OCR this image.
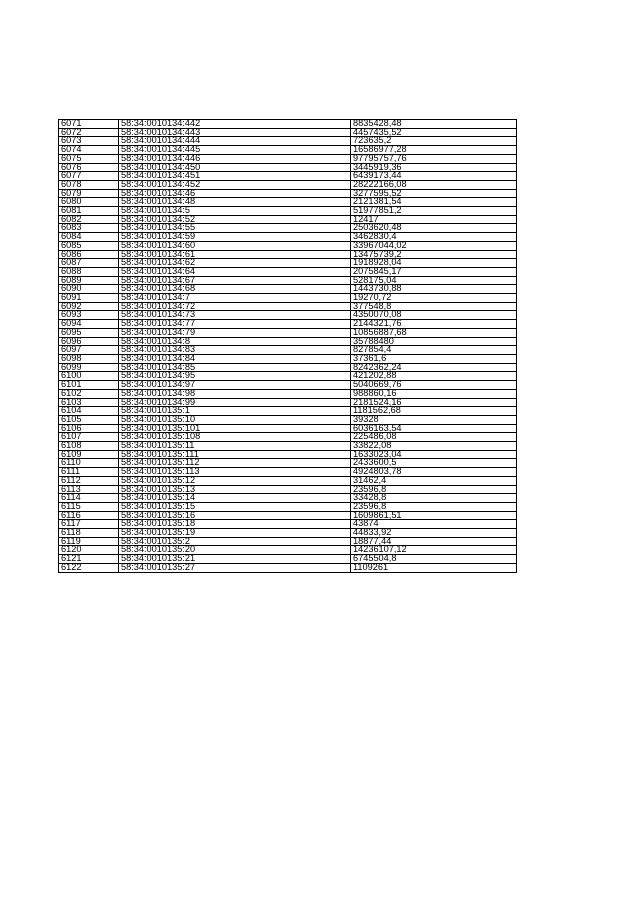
6071	58:34:0010134:442	8835428,48
6072	58:34:0010134:443	4457435,52
6073	58:34:0010134:444	723635,2
6074	58:34:0010134:445	16586977,28
6075	58:34:0010134:446	97795757,76
6076	58:34:0010134:450	3445919,36
6077	58:34:0010134:451	6439173,44
6078	58:34:0010134:452	28222166,08
6079	58:34:0010134:46	3277595,52
6080	58:34:0010134:48	2121381,54
6081	58:34:0010134:5	51977851,2
6082	58:34:0010134:52	12417
6083	58:34:0010134:55	2503620,48
6084	58:34:0010134:59	3462830,4
6085	58:34:0010134:60	33967044,02
6086	58:34:0010134:61	13475739,2
6087	58:34:0010134:62	1918928,04
6088	58:34:0010134:64	2075845,17
6089	58:34:0010134:67	528175,04
6090	58:34:0010134:68	1443730,88
6091	58:34:0010134:7	19270,72
6092	58:34:0010134:72	377548,8
6093	58:34:0010134:73	4350070,08
6094	58:34:0010134:77	2144321,76
6095	58:34:0010134:79	10856887,68
6096	58:34:0010134:8	35788480
6097	58:34:0010134:83	827854,4
6098	58:34:0010134:84	37361,6
6099	58:34:0010134:85	8242362,24
6100	58:34:0010134:95	421202,88
6101	58:34:0010134:97	5040669,76
6102	58:34:0010134:98	988860,16
6103	58:34:0010134:99	2181524,16
6104	58:34:0010135:1	1181562,68
6105	58:34:0010135:10	39328
6106	58:34:0010135:101	6036163,54
6107	58:34:0010135:108	225486,08
6108	58:34:0010135:11	33822,08
6109	58:34:0010135:111	1633023,04
6110	58:34:0010135:112	2433600,5
6111	58:34:0010135:113	4924803,78
6112	58:34:0010135:12	31462,4
6113	58:34:0010135:13	23596,8
6114	58:34:0010135:14	33428,8
6115	58:34:0010135:15	23596,8
6116	58:34:0010135:16	1609861,51
6117	58:34:0010135:18	43874
6118	58:34:0010135:19	44833,92
6119	58:34:0010135:2	18877,44
6120	58:34:0010135:20	14236107,12
6121	58:34:0010135:21	6745504,8
6122	58:34:0010135:27	1109261
